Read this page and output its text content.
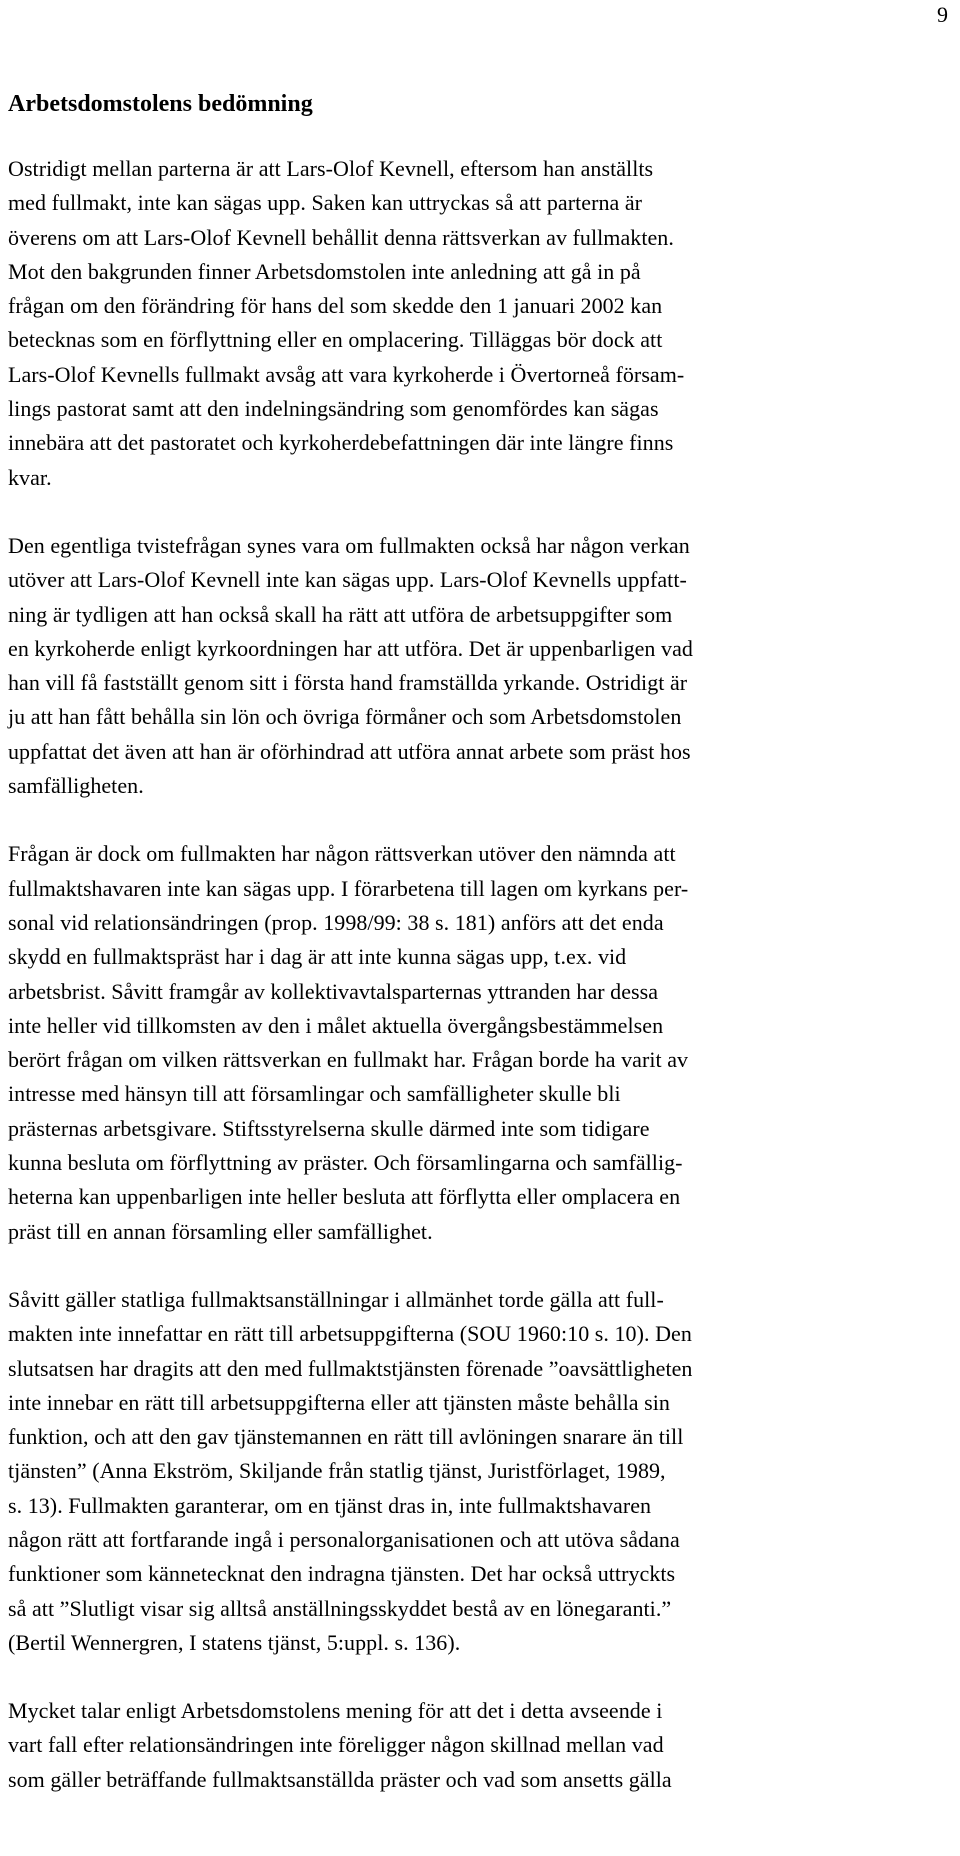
9
Arbetsdomstolens bedömning
Ostridigt mellan parterna är att Lars-Olof Kevnell, eftersom han anställts
med fullmakt, inte kan sägas upp. Saken kan uttryckas så att parterna är
överens om att Lars-Olof Kevnell behållit denna rättsverkan av fullmakten.
Mot den bakgrunden finner Arbetsdomstolen inte anledning att gå in på
frågan om den förändring för hans del som skedde den 1 januari 2002 kan
betecknas som en förflyttning eller en omplacering. Tilläggas bör dock att
Lars-Olof Kevnells fullmakt avsåg att vara kyrkoherde i Övertorneå försam-
lings pastorat samt att den indelningsändring som genomfördes kan sägas
innebära att det pastoratet och kyrkoherdebefattningen där inte längre finns
kvar.
Den egentliga tvistefrågan synes vara om fullmakten också har någon verkan
utöver att Lars-Olof Kevnell inte kan sägas upp. Lars-Olof Kevnells uppfatt-
ning är tydligen att han också skall ha rätt att utföra de arbetsuppgifter som
en kyrkoherde enligt kyrkoordningen har att utföra. Det är uppenbarligen vad
han vill få fastställt genom sitt i första hand framställda yrkande. Ostridigt är
ju att han fått behålla sin lön och övriga förmåner och som Arbetsdomstolen
uppfattat det även att han är oförhindrad att utföra annat arbete som präst hos
samfälligheten.
Frågan är dock om fullmakten har någon rättsverkan utöver den nämnda att
fullmaktshavaren inte kan sägas upp. I förarbetena till lagen om kyrkans per-
sonal vid relationsändringen (prop. 1998/99: 38 s. 181) anförs att det enda
skydd en fullmaktspräst har i dag är att inte kunna sägas upp, t.ex. vid
arbetsbrist. Såvitt framgår av kollektivavtalsparternas yttranden har dessa
inte heller vid tillkomsten av den i målet aktuella övergångsbestämmelsen
berört frågan om vilken rättsverkan en fullmakt har. Frågan borde ha varit av
intresse med hänsyn till att församlingar och samfälligheter skulle bli
prästernas arbetsgivare. Stiftsstyrelserna skulle därmed inte som tidigare
kunna besluta om förflyttning av präster. Och församlingarna och samfällig-
heterna kan uppenbarligen inte heller besluta att förflytta eller omplacera en
präst till en annan församling eller samfällighet.
Såvitt gäller statliga fullmaktsanställningar i allmänhet torde gälla att full-
makten inte innefattar en rätt till arbetsuppgifterna (SOU 1960:10 s. 10). Den
slutsatsen har dragits att den med fullmaktstjänsten förenade ”oavsättligheten
inte innebar en rätt till arbetsuppgifterna eller att tjänsten måste behålla sin
funktion, och att den gav tjänstemannen en rätt till avlöningen snarare än till
tjänsten” (Anna Ekström, Skiljande från statlig tjänst, Juristförlaget, 1989,
s. 13). Fullmakten garanterar, om en tjänst dras in, inte fullmaktshavaren
någon rätt att fortfarande ingå i personalorganisationen och att utöva sådana
funktioner som kännetecknat den indragna tjänsten. Det har också uttryckts
så att ”Slutligt visar sig alltså anställningsskyddet bestå av en lönegaranti.”
(Bertil Wennergren, I statens tjänst, 5:uppl. s. 136).
Mycket talar enligt Arbetsdomstolens mening för att det i detta avseende i
vart fall efter relationsändringen inte föreligger någon skillnad mellan vad
som gäller beträffande fullmaktsanställda präster och vad som ansetts gälla
